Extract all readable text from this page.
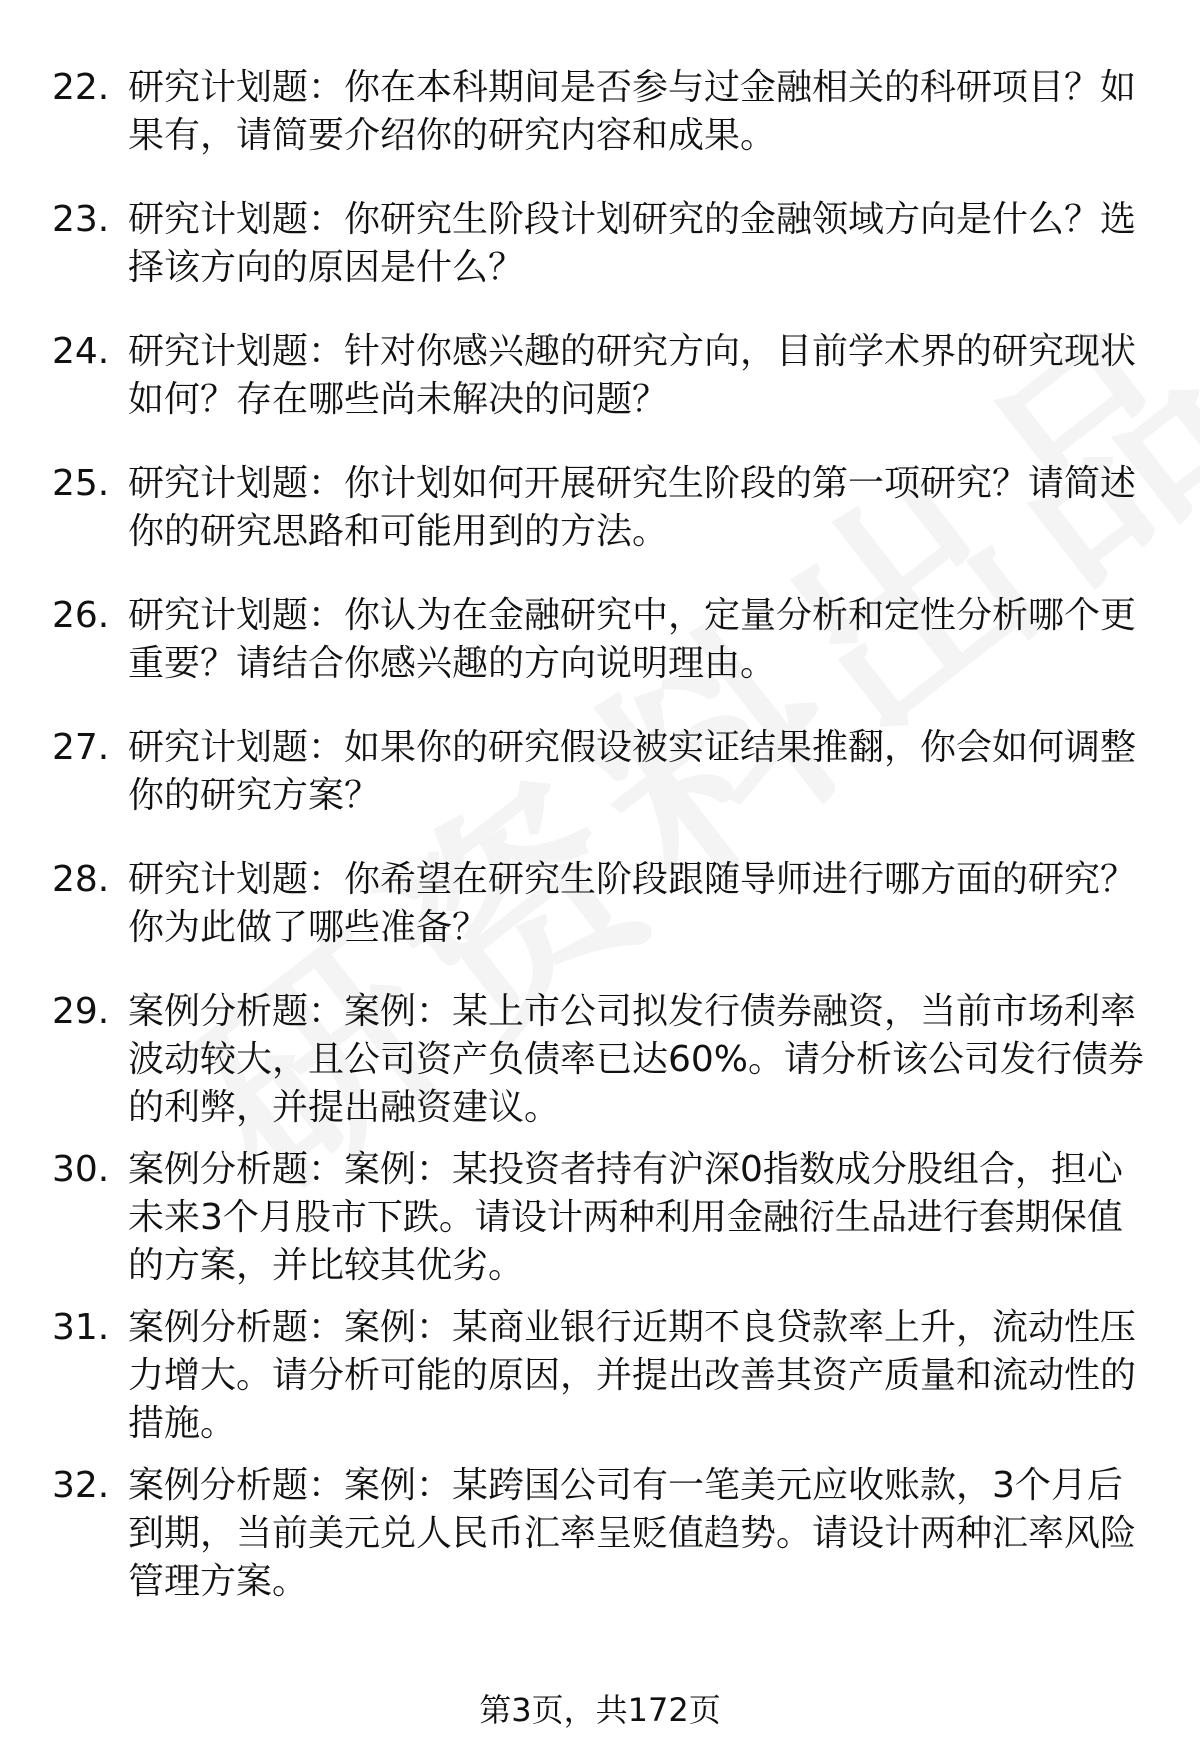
22. 研究计划题：你在本科期间是否参与过金融相关的科研项目？如果有，请简要介绍你的研究内容和成果。
23. 研究计划题：你研究生阶段计划研究的金融领域方向是什么？选择该方向的原因是什么？
24. 研究计划题：针对你感兴趣的研究方向，目前学术界的研究现状如何？存在哪些尚未解决的问题？
25. 研究计划题：你计划如何开展研究生阶段的第一项研究？请简述你的研究思路和可能用到的方法。
26. 研究计划题：你认为在金融研究中，定量分析和定性分析哪个更重要？请结合你感兴趣的方向说明理由。
27. 研究计划题：如果你的研究假设被实证结果推翻，你会如何调整你的研究方案？
28. 研究计划题：你希望在研究生阶段跟随导师进行哪方面的研究？你为此做了哪些准备？
29. 案例分析题：案例：某上市公司拟发行债券融资，当前市场利率波动较大，且公司资产负债率已达60%。请分析该公司发行债券的利弊，并提出融资建议。
30. 案例分析题：案例：某投资者持有沪深0指数成分股组合，担心未来3个月股市下跌。请设计两种利用金融衍生品进行套期保值的方案，并比较其优劣。
31. 案例分析题：案例：某商业银行近期不良贷款率上升，流动性压力增大。请分析可能的原因，并提出改善其资产质量和流动性的措施。
32. 案例分析题：案例：某跨国公司有一笔美元应收账款，3个月后到期，当前美元兑人民币汇率呈贬值趋势。请设计两种汇率风险管理方案。
第3页，共172页
